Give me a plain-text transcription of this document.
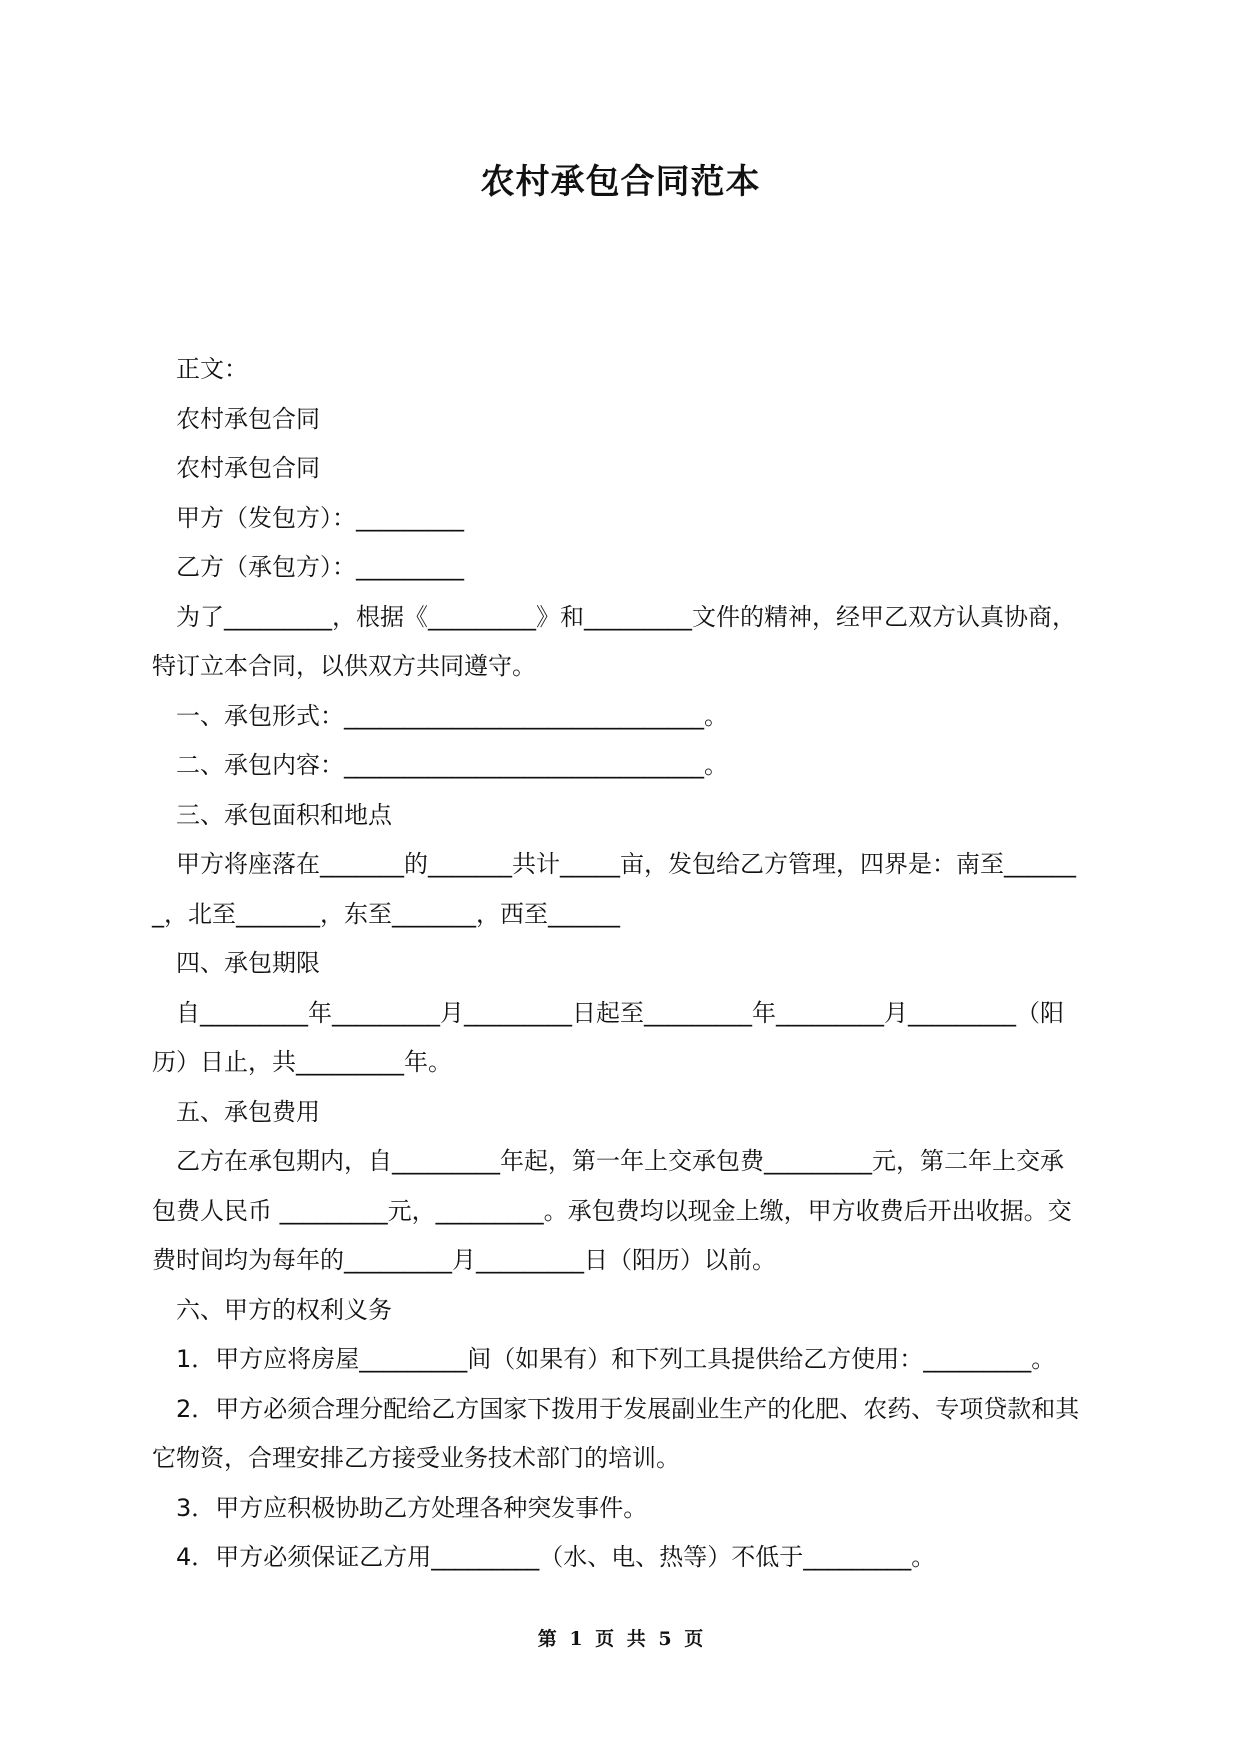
农村承包合同范本

正文：

农村承包合同

农村承包合同

甲方（发包方）：_________

乙方（承包方）：_________

为了_________，根据《_________》和_________文件的精神，经甲乙双方认真协商，特订立本合同，以供双方共同遵守。

一、承包形式：______________________________。

二、承包内容：______________________________。

三、承包面积和地点

甲方将座落在_______的_______共计_____亩，发包给乙方管理，四界是：南至_______，北至_______，东至_______，西至______

四、承包期限

自_________年_________月_________日起至_________年_________月_________（阳历）日止，共_________年。

五、承包费用

乙方在承包期内，自_________年起，第一年上交承包费_________元，第二年上交承包费人民币 _________元，_________。承包费均以现金上缴，甲方收费后开出收据。交费时间均为每年的_________月_________日（阳历）以前。

六、甲方的权利义务

1．甲方应将房屋_________间（如果有）和下列工具提供给乙方使用：_________。

2．甲方必须合理分配给乙方国家下拨用于发展副业生产的化肥、农药、专项贷款和其它物资，合理安排乙方接受业务技术部门的培训。

3．甲方应积极协助乙方处理各种突发事件。

4．甲方必须保证乙方用_________（水、电、热等）不低于_________。

第 1 页 共 5 页
